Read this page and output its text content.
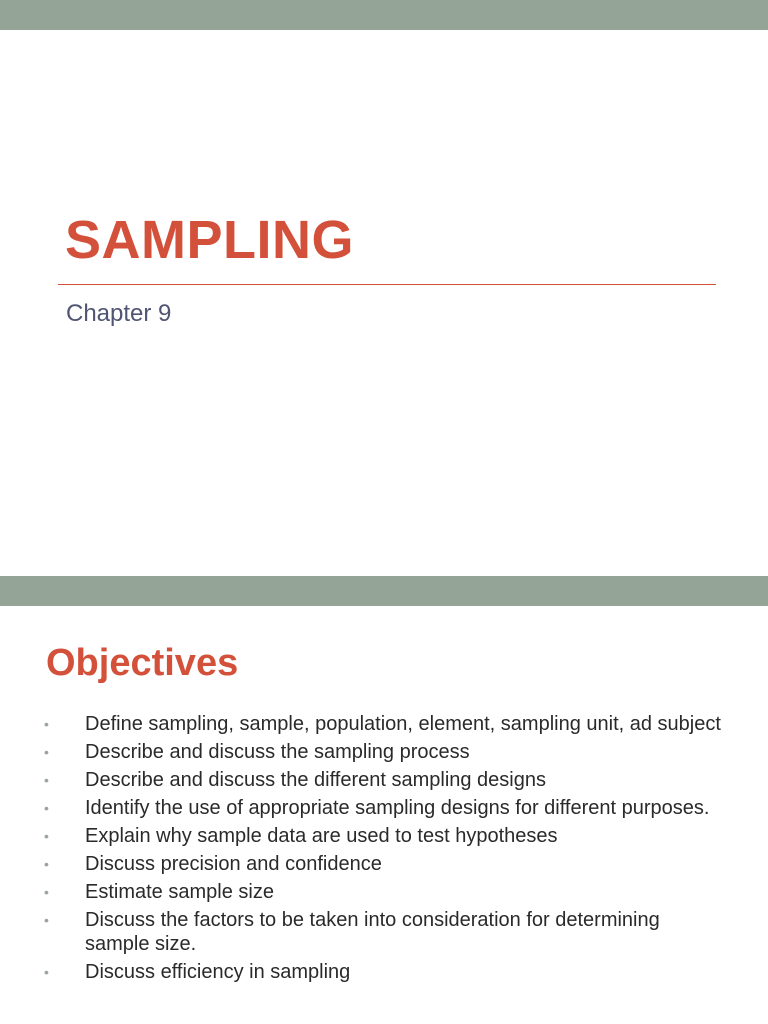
SAMPLING
Chapter 9
Objectives
• Define sampling, sample, population, element, sampling unit, ad subject
• Describe and discuss the sampling process
• Describe and discuss the different sampling designs
• Identify the use of appropriate sampling designs for different purposes.
• Explain why sample data are used to test hypotheses
• Discuss precision and confidence
• Estimate sample size
• Discuss the factors to be taken into consideration for determining sample size.
• Discuss efficiency in sampling
